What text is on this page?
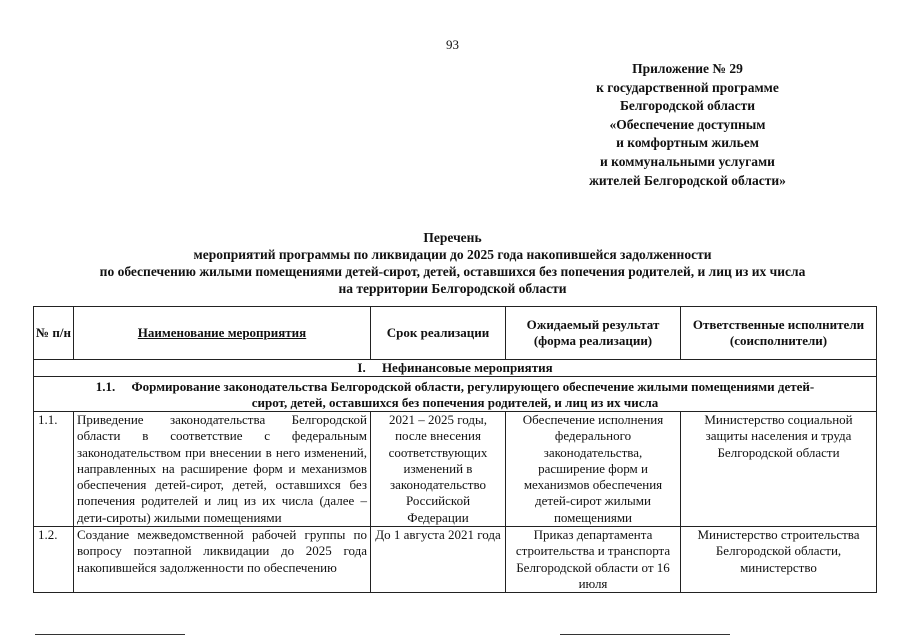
93
Приложение № 29
к государственной программе
Белгородской области
«Обеспечение доступным
и комфортным жильем
и коммунальными услугами
жителей Белгородской области»
Перечень
мероприятий программы по ликвидации до 2025 года накопившейся задолженности
по обеспечению жилыми помещениями детей-сирот, детей, оставшихся без попечения родителей, и лиц из их числа
на территории Белгородской области
№ п/н	Наименование мероприятия	Срок реализации	Ожидаемый результат (форма реализации)	Ответственные исполнители (соисполнители)
I.     Нефинансовые мероприятия				
1.1.     Формирование законодательства Белгородской области, регулирующего обеспечение жилыми помещениями детей-сирот, детей, оставшихся без попечения родителей, и лиц из их числа				
1.1.	Приведение законодательства Белгородской области в соответствие с федеральным законодательством при внесении в него изменений, направленных на расширение форм и механизмов обеспечения детей-сирот, детей, оставшихся без попечения родителей и лиц из их числа (далее – дети-сироты) жилыми помещениями	2021 – 2025 годы, после внесения соответствующих изменений в законодательство Российской Федерации	Обеспечение исполнения федерального законодательства, расширение форм и механизмов обеспечения детей-сирот жилыми помещениями	Министерство социальной защиты населения и труда Белгородской области
1.2.	Создание межведомственной рабочей группы по вопросу поэтапной ликвидации до 2025 года накопившейся задолженности по обеспечению	До 1 августа 2021 года	Приказ департамента строительства и транспорта Белгородской области от 16 июля	Министерство строительства Белгородской области, министерство
